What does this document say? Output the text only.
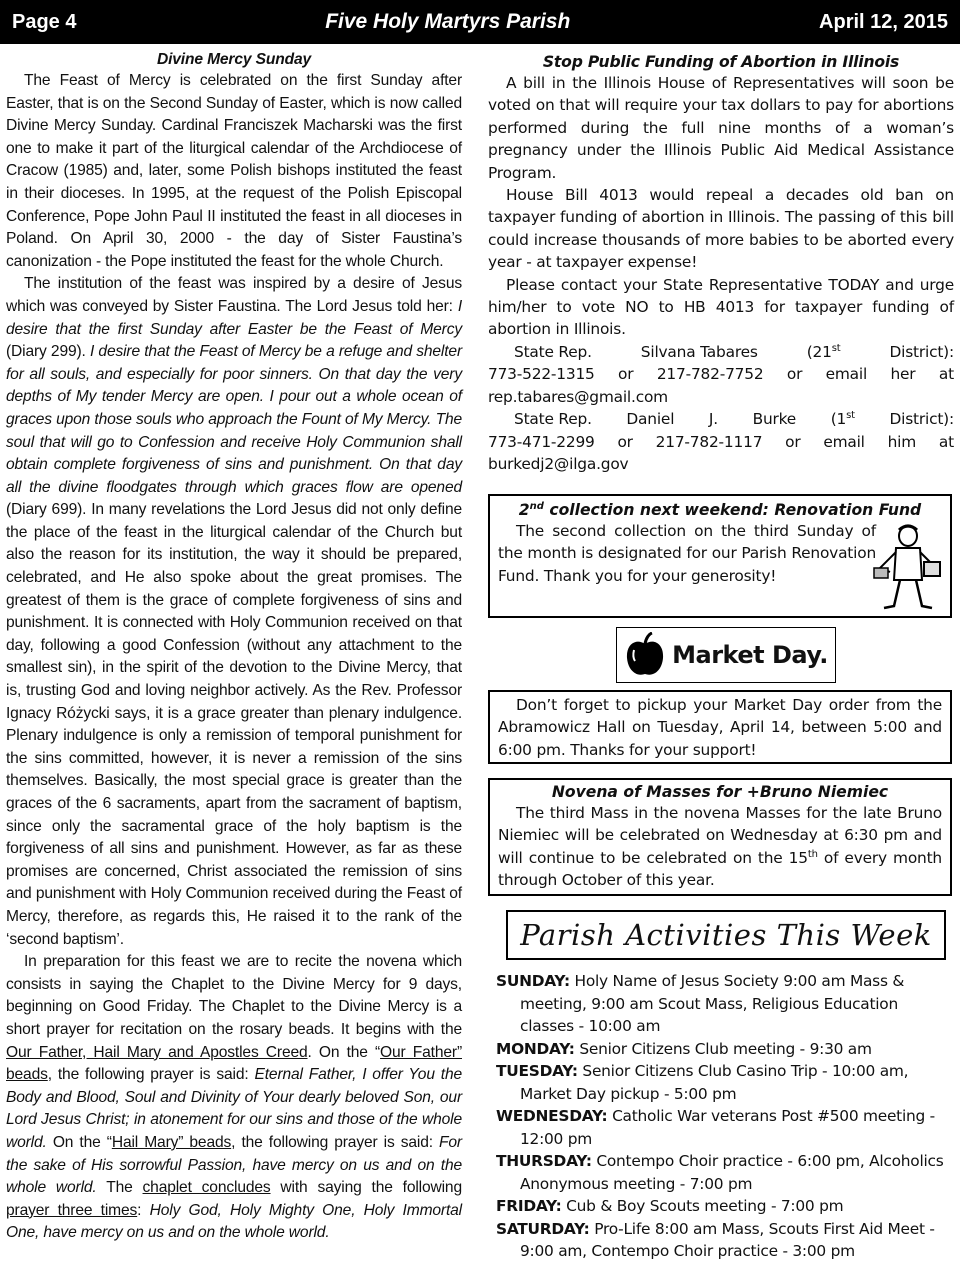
Page 4	Five Holy Martyrs Parish	April 12, 2015
Divine Mercy Sunday

The Feast of Mercy is celebrated on the first Sunday after Easter, that is on the Second Sunday of Easter, which is now called Divine Mercy Sunday. Cardinal Franciszek Macharski was the first one to make it part of the liturgical calendar of the Archdiocese of Cracow (1985) and, later, some Polish bishops instituted the feast in their dioceses. In 1995, at the request of the Polish Episcopal Conference, Pope John Paul II instituted the feast in all dioceses in Poland. On April 30, 2000 - the day of Sister Faustina’s canonization - the Pope instituted the feast for the whole Church.

The institution of the feast was inspired by a desire of Jesus which was conveyed by Sister Faustina. The Lord Jesus told her: I desire that the first Sunday after Easter be the Feast of Mercy (Diary 299). I desire that the Feast of Mercy be a refuge and shelter for all souls, and especially for poor sinners. On that day the very depths of My tender Mercy are open. I pour out a whole ocean of graces upon those souls who approach the Fount of My Mercy. The soul that will go to Confession and receive Holy Communion shall obtain complete forgiveness of sins and punishment. On that day all the divine floodgates through which graces flow are opened (Diary 699). In many revelations the Lord Jesus did not only define the place of the feast in the liturgical calendar of the Church but also the reason for its institution, the way it should be prepared, celebrated, and He also spoke about the great promises. The greatest of them is the grace of complete forgiveness of sins and punishment. It is connected with Holy Communion received on that day, following a good Confession (without any attachment to the smallest sin), in the spirit of the devotion to the Divine Mercy, that is, trusting God and loving neighbor actively. As the Rev. Professor Ignacy Różycki says, it is a grace greater than plenary indulgence. Plenary indulgence is only a remission of temporal punishment for the sins committed, however, it is never a remission of the sins themselves. Basically, the most special grace is greater than the graces of the 6 sacraments, apart from the sacrament of baptism, since only the sacramental grace of the holy baptism is the forgiveness of all sins and punishment. However, as far as these promises are concerned, Christ associated the remission of sins and punishment with Holy Communion received during the Feast of Mercy, therefore, as regards this, He raised it to the rank of the ‘second baptism’.

In preparation for this feast we are to recite the novena which consists in saying the Chaplet to the Divine Mercy for 9 days, beginning on Good Friday. The Chaplet to the Divine Mercy is a short prayer for recitation on the rosary beads. It begins with the Our Father, Hail Mary and Apostles Creed. On the “Our Father” beads, the following prayer is said: Eternal Father, I offer You the Body and Blood, Soul and Divinity of Your dearly beloved Son, our Lord Jesus Christ; in atonement for our sins and those of the whole world. On the “Hail Mary” beads, the following prayer is said: For the sake of His sorrowful Passion, have mercy on us and on the whole world. The chaplet concludes with saying the following prayer three times: Holy God, Holy Mighty One, Holy Immortal One, have mercy on us and on the whole world.

Stop Public Funding of Abortion in Illinois

A bill in the Illinois House of Representatives will soon be voted on that will require your tax dollars to pay for abortions performed during the full nine months of a woman’s pregnancy under the Illinois Public Aid Medical Assistance Program.

House Bill 4013 would repeal a decades old ban on taxpayer funding of abortion in Illinois. The passing of this bill could increase thousands of more babies to be aborted every year - at taxpayer expense!

Please contact your State Representative TODAY and urge him/her to vote NO to HB 4013 for taxpayer funding of abortion in Illinois.

State Rep.	Silvana Tabares	(21st	District):
773-522-1315 or 217-782-7752 or email her at
rep.tabares@gmail.com
State Rep. Daniel J. Burke (1st District):
773-471-2299 or 217-782-1117 or email him at
burkedj2@ilga.gov
2nd collection next weekend: Renovation Fund
The second collection on the third Sunday of the month is designated for our Parish Renovation Fund. Thank you for your generosity!
Market Day.
Don’t forget to pickup your Market Day order from the Abramowicz Hall on Tuesday, April 14, between 5:00 and 6:00 pm. Thanks for your support!
Novena of Masses for +Bruno Niemiec
The third Mass in the novena Masses for the late Bruno Niemiec will be celebrated on Wednesday at 6:30 pm and will continue to be celebrated on the 15th of every month through October of this year.
Parish Activities This Week

SUNDAY: Holy Name of Jesus Society 9:00 am Mass & meeting, 9:00 am Scout Mass, Religious Education classes - 10:00 am

MONDAY: Senior Citizens Club meeting - 9:30 am

TUESDAY: Senior Citizens Club Casino Trip - 10:00 am, Market Day pickup - 5:00 pm

WEDNESDAY: Catholic War veterans Post #500 meeting - 12:00 pm

THURSDAY: Contempo Choir practice - 6:00 pm, Alcoholics Anonymous meeting - 7:00 pm

FRIDAY: Cub & Boy Scouts meeting - 7:00 pm

SATURDAY: Pro-Life 8:00 am Mass, Scouts First Aid Meet - 9:00 am, Contempo Choir practice - 3:00 pm
